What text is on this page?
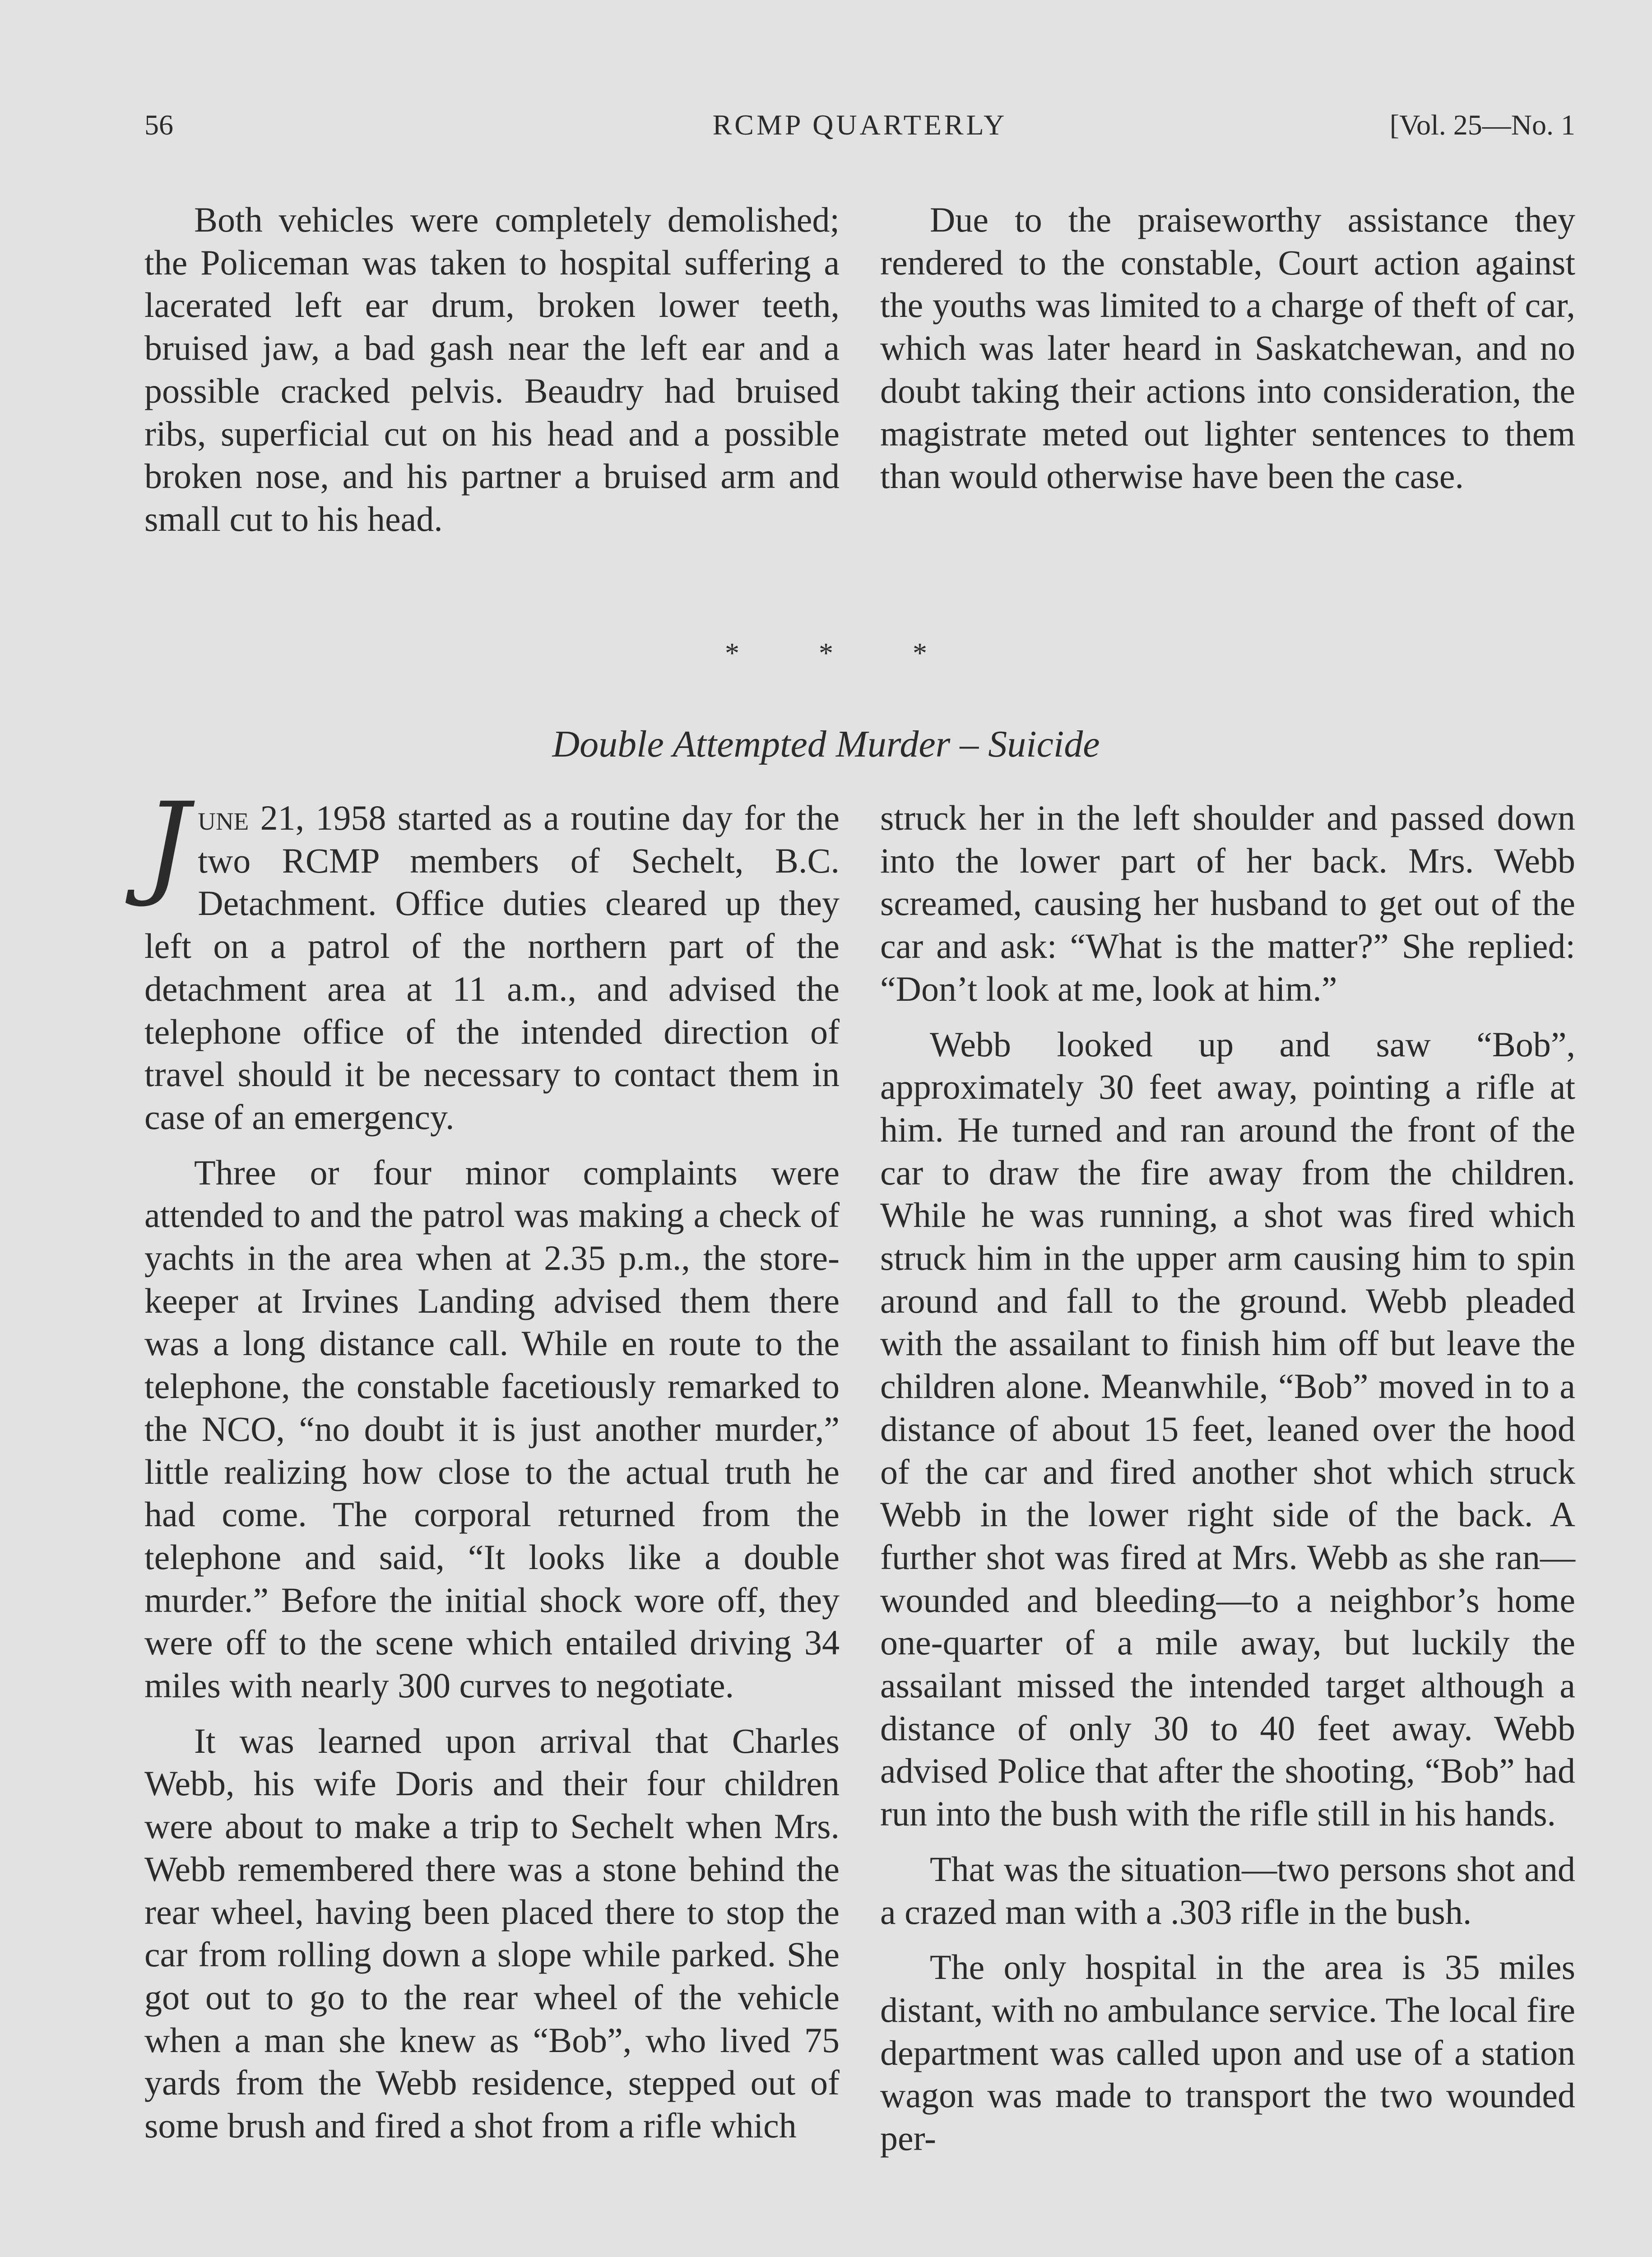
56	RCMP QUARTERLY	[Vol. 25—No. 1

Both vehicles were completely demolished; the Policeman was taken to hospital suffering a lacerated left ear drum, broken lower teeth, bruised jaw, a bad gash near the left ear and a possible cracked pelvis. Beaudry had bruised ribs, superficial cut on his head and a possible broken nose, and his partner a bruised arm and small cut to his head.

Due to the praiseworthy assistance they rendered to the constable, Court action against the youths was limited to a charge of theft of car, which was later heard in Saskatchewan, and no doubt taking their actions into consideration, the magistrate meted out lighter sentences to them than would otherwise have been the case.

* * *
Double Attempted Murder – Suicide

June 21, 1958 started as a routine day for the two RCMP members of Sechelt, B.C. Detachment. Office duties cleared up they left on a patrol of the northern part of the detachment area at 11 a.m., and advised the telephone office of the intended direction of travel should it be necessary to contact them in case of an emergency.

Three or four minor complaints were attended to and the patrol was making a check of yachts in the area when at 2.35 p.m., the store-keeper at Irvines Landing advised them there was a long distance call. While en route to the telephone, the constable facetiously remarked to the NCO, “no doubt it is just another murder,” little realizing how close to the actual truth he had come. The corporal returned from the telephone and said, “It looks like a double murder.” Before the initial shock wore off, they were off to the scene which entailed driving 34 miles with nearly 300 curves to negotiate.

It was learned upon arrival that Charles Webb, his wife Doris and their four children were about to make a trip to Sechelt when Mrs. Webb remembered there was a stone behind the rear wheel, having been placed there to stop the car from rolling down a slope while parked. She got out to go to the rear wheel of the vehicle when a man she knew as “Bob”, who lived 75 yards from the Webb residence, stepped out of some brush and fired a shot from a rifle which

struck her in the left shoulder and passed down into the lower part of her back. Mrs. Webb screamed, causing her husband to get out of the car and ask: “What is the matter?” She replied: “Don’t look at me, look at him.”

Webb looked up and saw “Bob”, approximately 30 feet away, pointing a rifle at him. He turned and ran around the front of the car to draw the fire away from the children. While he was running, a shot was fired which struck him in the upper arm causing him to spin around and fall to the ground. Webb pleaded with the assailant to finish him off but leave the children alone. Meanwhile, “Bob” moved in to a distance of about 15 feet, leaned over the hood of the car and fired another shot which struck Webb in the lower right side of the back. A further shot was fired at Mrs. Webb as she ran—wounded and bleeding—to a neighbor’s home one-quarter of a mile away, but luckily the assailant missed the intended target although a distance of only 30 to 40 feet away. Webb advised Police that after the shooting, “Bob” had run into the bush with the rifle still in his hands.

That was the situation—two persons shot and a crazed man with a .303 rifle in the bush.

The only hospital in the area is 35 miles distant, with no ambulance service. The local fire department was called upon and use of a station wagon was made to transport the two wounded per-
